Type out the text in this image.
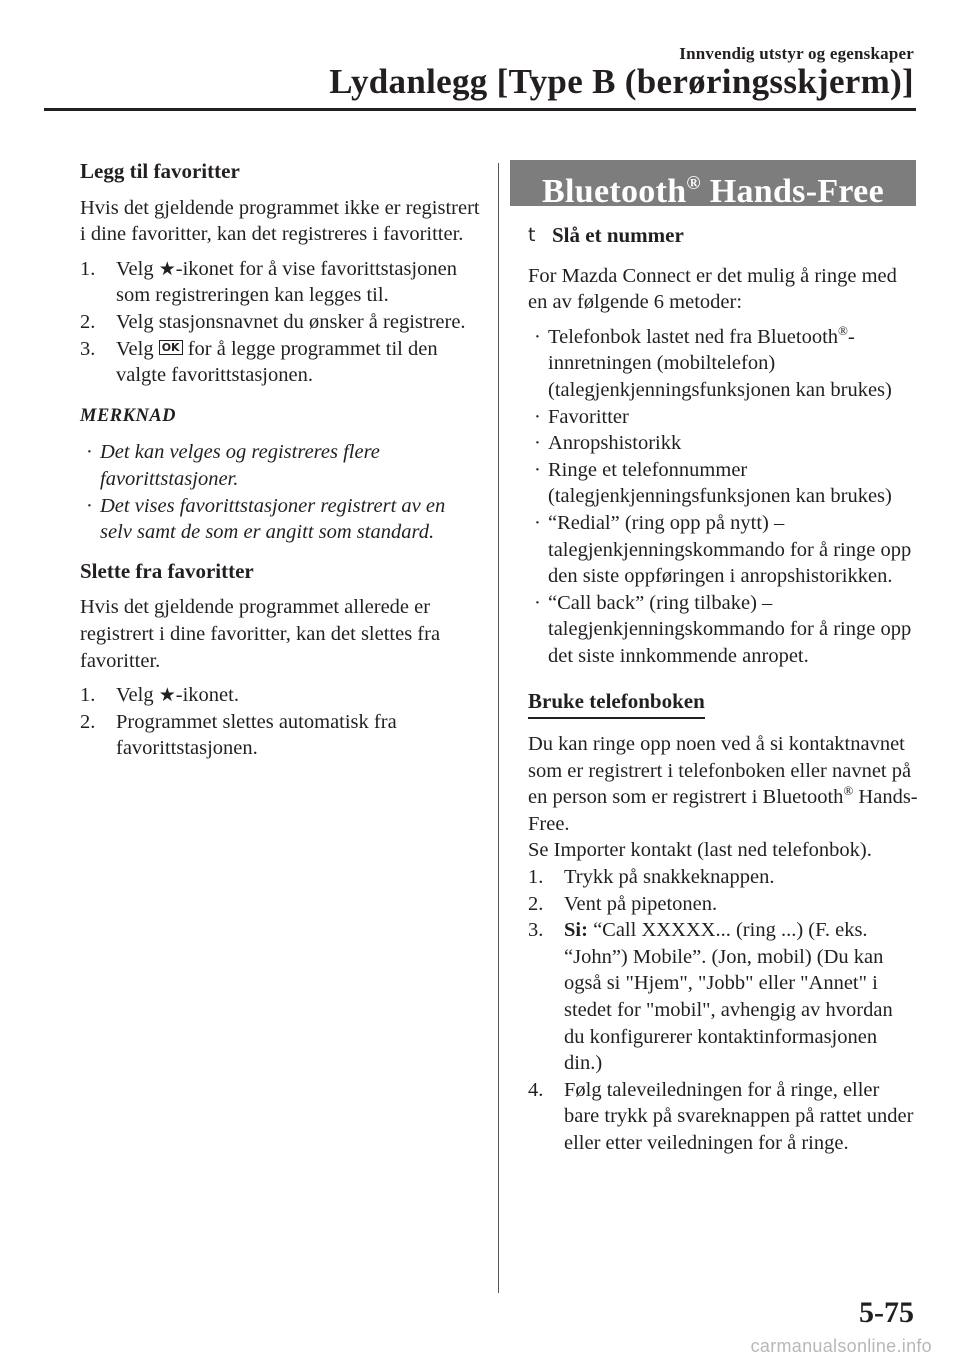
Innvendig utstyr og egenskaper
Lydanlegg [Type B (berøringsskjerm)]
Legg til favoritter

Hvis det gjeldende programmet ikke er registrert i dine favoritter, kan det registreres i favoritter.

1. Velg ★-ikonet for å vise favorittstasjonen som registreringen kan legges til.
2. Velg stasjonsnavnet du ønsker å registrere.
3. Velg OK for å legge programmet til den valgte favorittstasjonen.
MERKNAD
· Det kan velges og registreres flere favorittstasjoner.
· Det vises favorittstasjoner registrert av en selv samt de som er angitt som standard.
Slette fra favoritter

Hvis det gjeldende programmet allerede er registrert i dine favoritter, kan det slettes fra favoritter.

1. Velg ★-ikonet.
2. Programmet slettes automatisk fra favorittstasjonen.
Bluetooth® Hands-Free
t Slå et nummer

For Mazda Connect er det mulig å ringe med en av følgende 6 metoder:

· Telefonbok lastet ned fra Bluetooth®-innretningen (mobiltelefon) (talegjenkjenningsfunksjonen kan brukes)
· Favoritter
· Anropshistorikk
· Ringe et telefonnummer (talegjenkjenningsfunksjonen kan brukes)
· “Redial” (ring opp på nytt) – talegjenkjenningskommando for å ringe opp den siste oppføringen i anropshistorikken.
· “Call back” (ring tilbake) – talegjenkjenningskommando for å ringe opp det siste innkommende anropet.
Bruke telefonboken

Du kan ringe opp noen ved å si kontaktnavnet som er registrert i telefonboken eller navnet på en person som er registrert i Bluetooth® Hands-Free.

Se Importer kontakt (last ned telefonbok).

1. Trykk på snakkeknappen.
2. Vent på pipetonen.
3. Si: “Call XXXXX... (ring ...) (F. eks. “John”) Mobile”. (Jon, mobil) (Du kan også si "Hjem", "Jobb" eller "Annet" i stedet for "mobil", avhengig av hvordan du konfigurerer kontaktinformasjonen din.)
4. Følg taleveiledningen for å ringe, eller bare trykk på svareknappen på rattet under eller etter veiledningen for å ringe.
5-75
carmanualsonline.info
